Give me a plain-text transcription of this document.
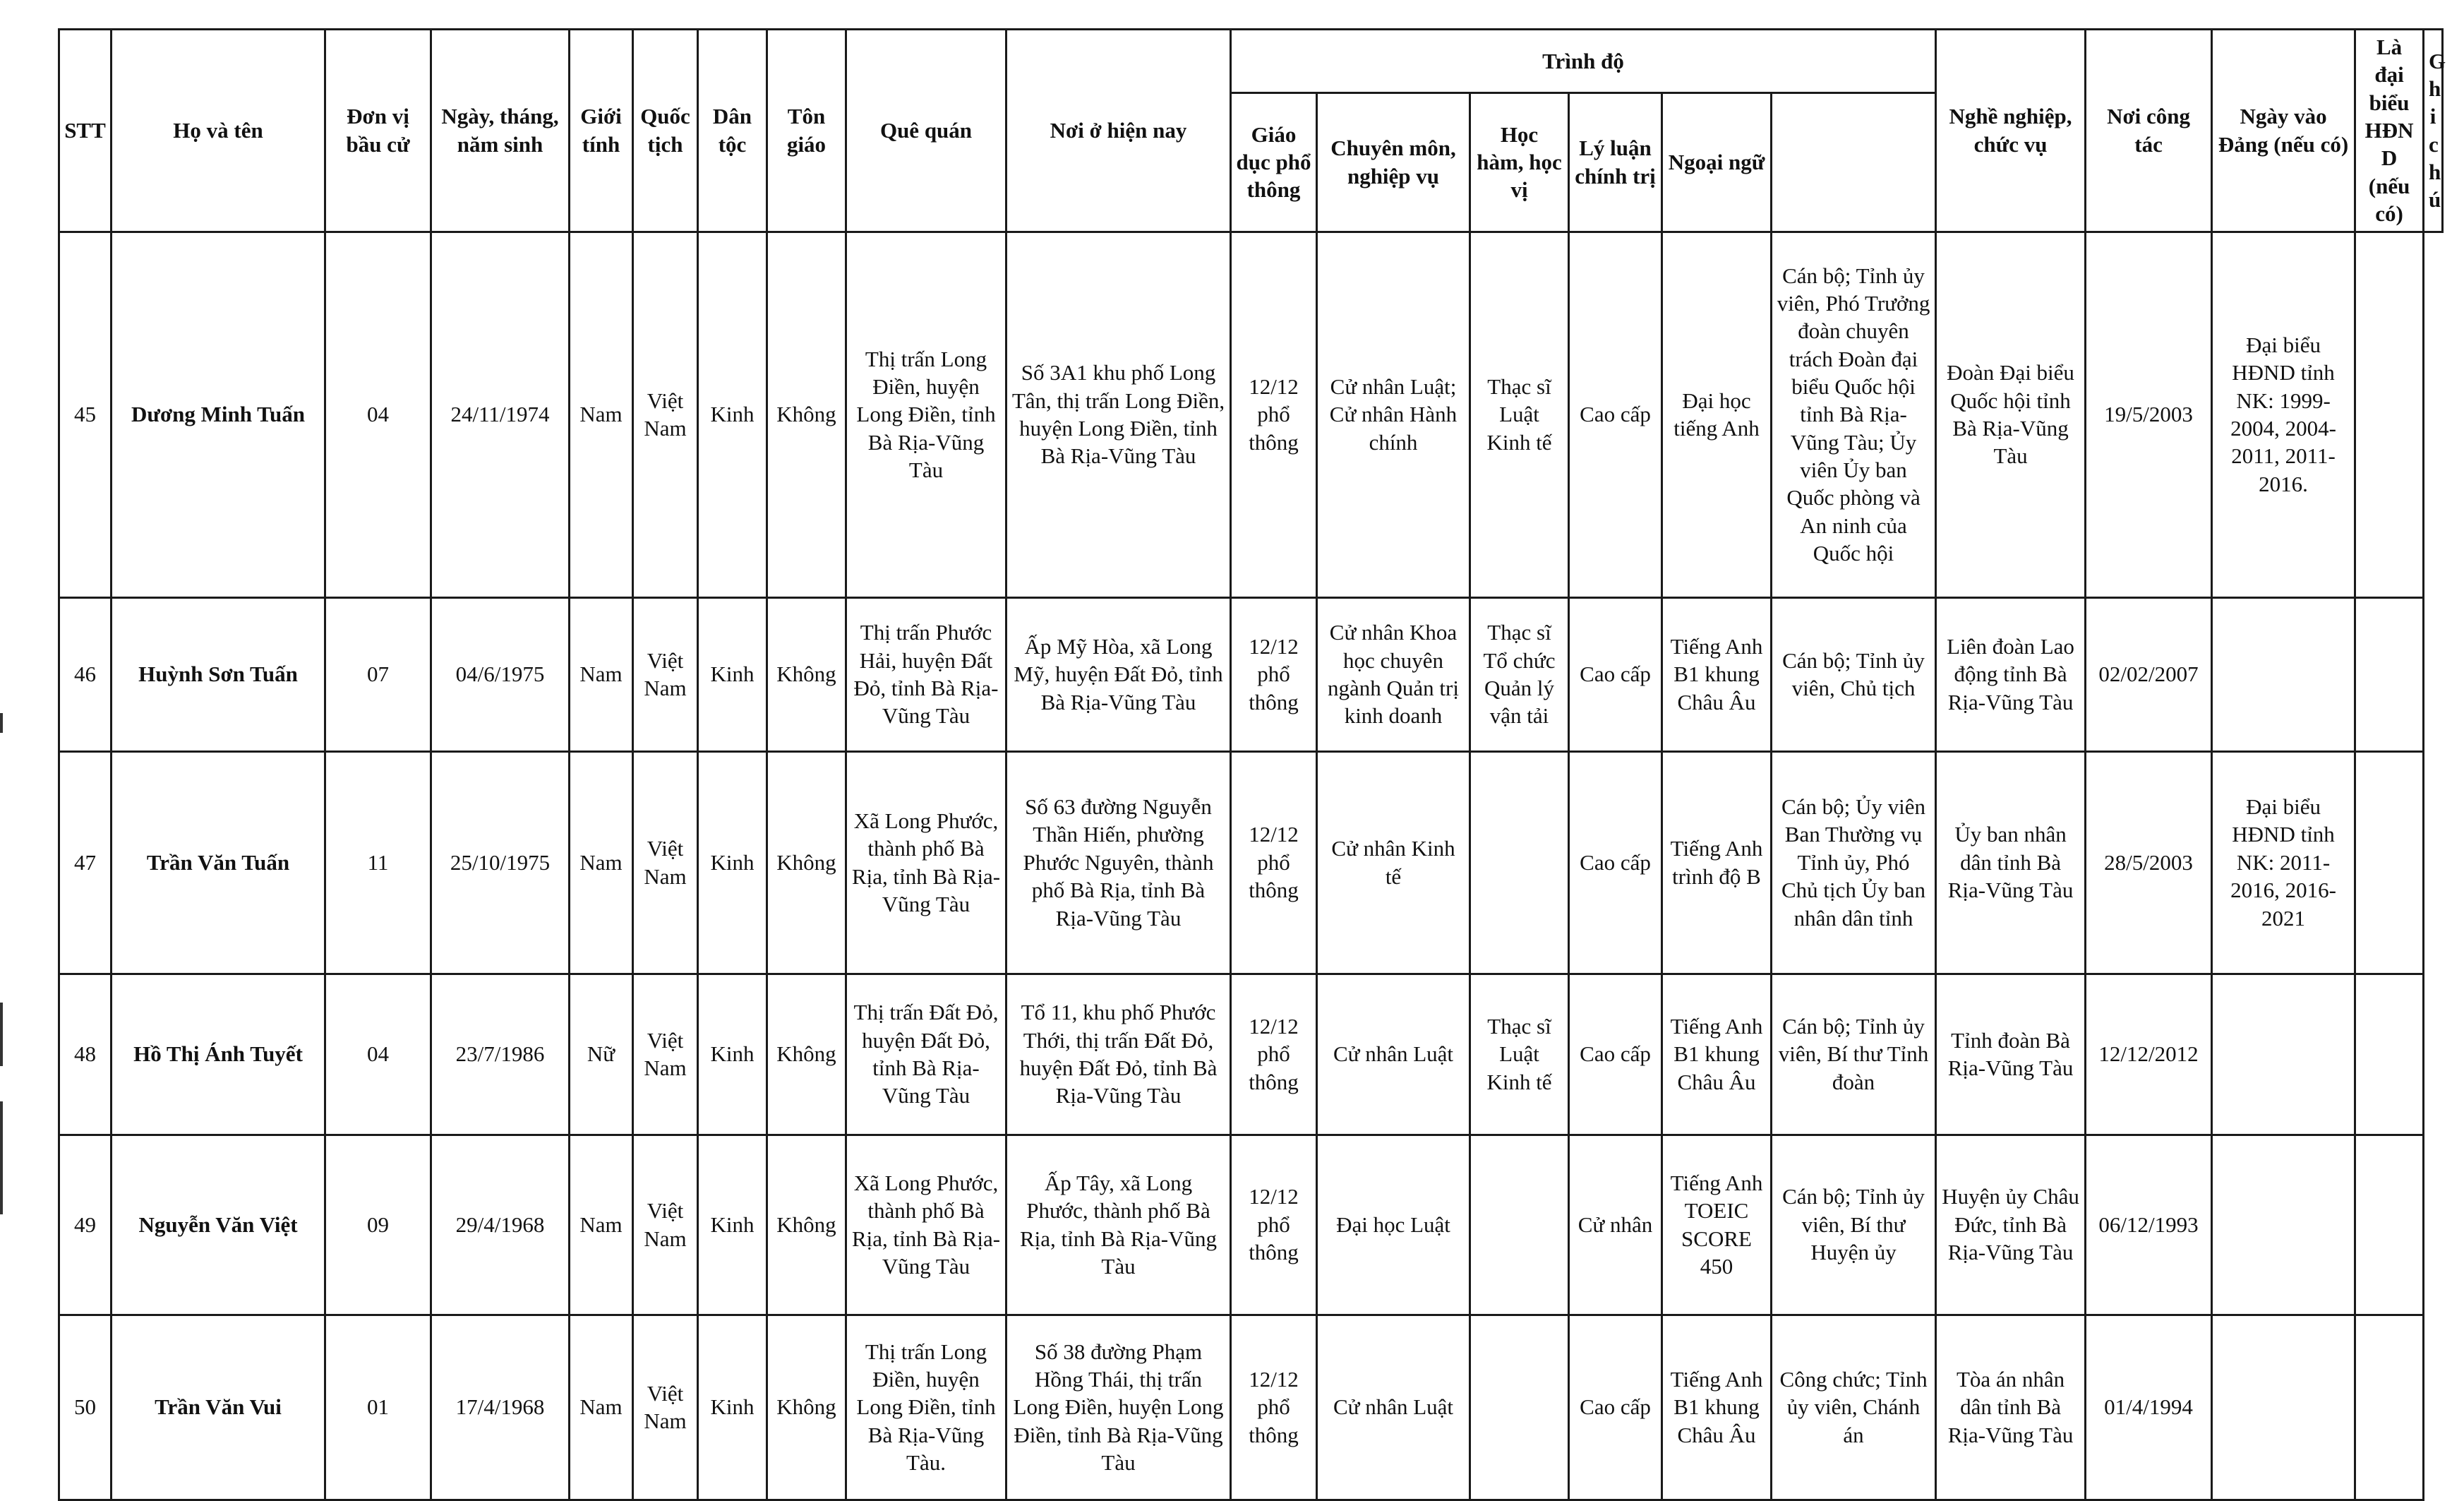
STT	Họ và tên	Đơn vị bầu cử	Ngày, tháng, năm sinh	Giới tính	Quốc tịch	Dân tộc	Tôn giáo	Quê quán	Nơi ở hiện nay	Trình độ						Nghề nghiệp, chức vụ	Nơi công tác	Ngày vào Đảng (nếu có)	Là đại biểu HĐND (nếu có)	Ghi chú
										Giáo dục phổ thông	Chuyên môn, nghiệp vụ	Học hàm, học vị	Lý luận chính trị	Ngoại ngữ						
45	Dương Minh Tuấn	04	24/11/1974	Nam	Việt Nam	Kinh	Không	Thị trấn Long Điền, huyện Long Điền, tỉnh Bà Rịa-Vũng Tàu	Số 3A1 khu phố Long Tân, thị trấn Long Điền, huyện Long Điền, tỉnh Bà Rịa-Vũng Tàu	12/12 phổ thông	Cử nhân Luật; Cử nhân Hành chính	Thạc sĩ Luật Kinh tế	Cao cấp	Đại học tiếng Anh	Cán bộ; Tỉnh ủy viên, Phó Trưởng đoàn chuyên trách Đoàn đại biểu Quốc hội tỉnh Bà Rịa-Vũng Tàu; Ủy viên Ủy ban Quốc phòng và An ninh của Quốc hội	Đoàn Đại biểu Quốc hội tỉnh Bà Rịa-Vũng Tàu	19/5/2003	Đại biểu HĐND tỉnh NK: 1999-2004, 2004-2011, 2011-2016.		
46	Huỳnh Sơn Tuấn	07	04/6/1975	Nam	Việt Nam	Kinh	Không	Thị trấn Phước Hải, huyện Đất Đỏ, tỉnh Bà Rịa-Vũng Tàu	Ấp Mỹ Hòa, xã Long Mỹ, huyện Đất Đỏ, tỉnh Bà Rịa-Vũng Tàu	12/12 phổ thông	Cử nhân Khoa học chuyên ngành Quản trị kinh doanh	Thạc sĩ Tổ chức Quản lý vận tải	Cao cấp	Tiếng Anh B1 khung Châu Âu	Cán bộ; Tỉnh ủy viên, Chủ tịch	Liên đoàn Lao động tỉnh Bà Rịa-Vũng Tàu	02/02/2007			
47	Trần Văn Tuấn	11	25/10/1975	Nam	Việt Nam	Kinh	Không	Xã Long Phước, thành phố Bà Rịa, tỉnh Bà Rịa-Vũng Tàu	Số 63 đường Nguyễn Thần Hiến, phường Phước Nguyên, thành phố Bà Rịa, tỉnh Bà Rịa-Vũng Tàu	12/12 phổ thông	Cử nhân Kinh tế		Cao cấp	Tiếng Anh trình độ B	Cán bộ; Ủy viên Ban Thường vụ Tỉnh ủy, Phó Chủ tịch Ủy ban nhân dân tỉnh	Ủy ban nhân dân tỉnh Bà Rịa-Vũng Tàu	28/5/2003	Đại biểu HĐND tỉnh NK: 2011-2016, 2016-2021		
48	Hồ Thị Ánh Tuyết	04	23/7/1986	Nữ	Việt Nam	Kinh	Không	Thị trấn Đất Đỏ, huyện Đất Đỏ, tỉnh Bà Rịa-Vũng Tàu	Tổ 11, khu phố Phước Thới, thị trấn Đất Đỏ, huyện Đất Đỏ, tỉnh Bà Rịa-Vũng Tàu	12/12 phổ thông	Cử nhân Luật	Thạc sĩ Luật Kinh tế	Cao cấp	Tiếng Anh B1 khung Châu Âu	Cán bộ; Tỉnh ủy viên, Bí thư Tỉnh đoàn	Tỉnh đoàn Bà Rịa-Vũng Tàu	12/12/2012			
49	Nguyễn Văn Việt	09	29/4/1968	Nam	Việt Nam	Kinh	Không	Xã Long Phước, thành phố Bà Rịa, tỉnh Bà Rịa-Vũng Tàu	Ấp Tây, xã Long Phước, thành phố Bà Rịa, tỉnh Bà Rịa-Vũng Tàu	12/12 phổ thông	Đại học Luật		Cử nhân	Tiếng Anh TOEIC SCORE 450	Cán bộ; Tỉnh ủy viên, Bí thư Huyện ủy	Huyện ủy Châu Đức, tỉnh Bà Rịa-Vũng Tàu	06/12/1993			
50	Trần Văn Vui	01	17/4/1968	Nam	Việt Nam	Kinh	Không	Thị trấn Long Điền, huyện Long Điền, tỉnh Bà Rịa-Vũng Tàu.	Số 38 đường Phạm Hồng Thái, thị trấn Long Điền, huyện Long Điền, tỉnh Bà Rịa-Vũng Tàu	12/12 phổ thông	Cử nhân Luật		Cao cấp	Tiếng Anh B1 khung Châu Âu	Công chức; Tỉnh ủy viên, Chánh án	Tòa án nhân dân tỉnh Bà Rịa-Vũng Tàu	01/4/1994			
